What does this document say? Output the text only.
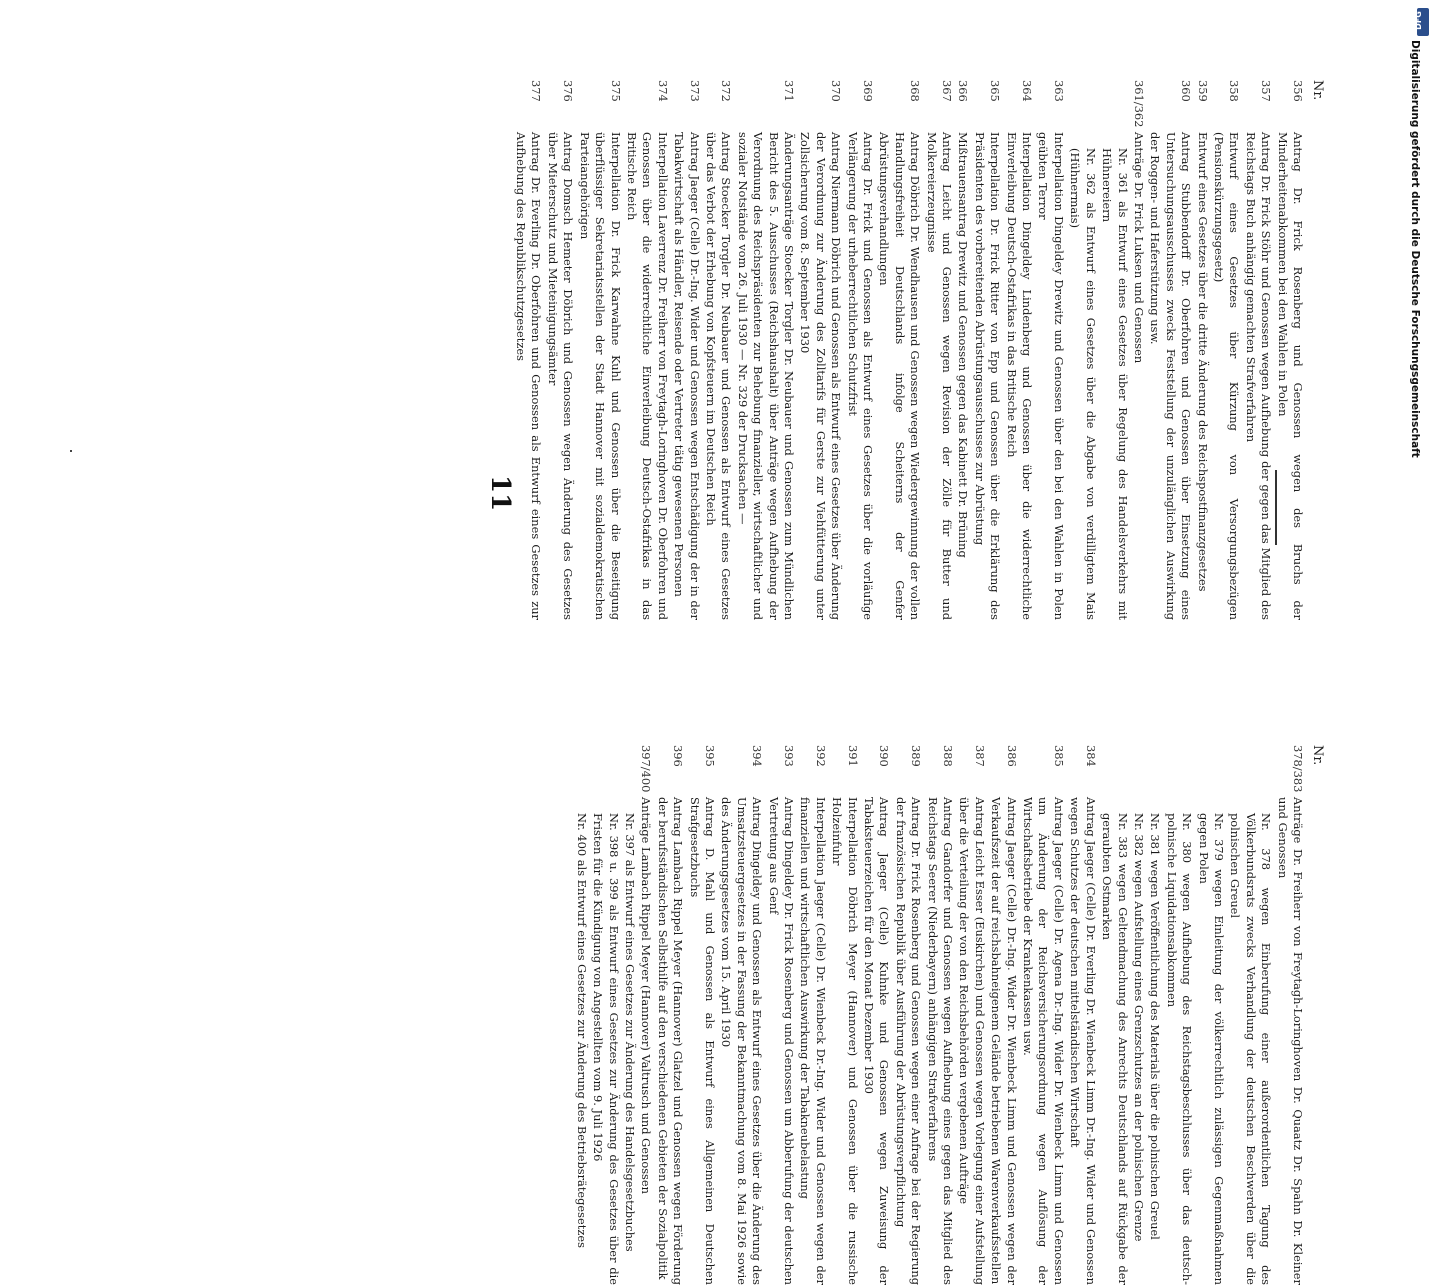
11
Nr.
Nr.
356
Antrag Dr. Frick Rosenberg und Genossen wegen des Bruchs der Minderheitenabkommen bei den Wahlen in Polen
357
Antrag Dr. Frick Stöhr und Genossen wegen Aufhebung der gegen das Mitglied des Reichstags Buch anhängig gemachten Strafverfahren
358
Entwurf eines Gesetzes über Kürzung von Versorgungsbezügen (Pensionskürzungsgesetz)
359
Entwurf eines Gesetzes über die dritte Änderung des Reichspostfinanzgesetzes
360
Antrag Stubbendorff Dr. Oberfohren und Genossen über Einsetzung eines Untersuchungsausschusses zwecks Feststellung der unzulänglichen Auswirkung der Roggen- und Haferstützung usw.
361/362
Anträge Dr. Frick Luksen und Genossen
Nr. 361 als Entwurf eines Gesetzes über Regelung des Handelsverkehrs mit Hühnereiern
Nr. 362 als Entwurf eines Gesetzes über die Abgabe von verdilligtem Mais (Hühnermais)
363
Interpellation Dingeldey Drewitz und Genossen über den bei den Wahlen in Polen geübten Terror
364
Interpellation Dingeldey Lindenberg und Genossen über die widerrechtliche Einverleibung Deutsch-Ostafrikas in das Britische Reich
365
Interpellation Dr. Frick Ritter von Epp und Genossen über die Erklärung des Präsidenten des vorbereitenden Abrüstungsausschusses zur Abrüstung
366
Mißtrauensantrag Drewitz und Genossen gegen das Kabinett Dr. Brüning
367
Antrag Leicht und Genossen wegen Revision der Zölle für Butter und Molkereierzeugnisse
368
Antrag Döbrich Dr. Wendhausen und Genossen wegen Wiedergewinnung der vollen Handlungsfreiheit Deutschlands infolge Scheiterns der Genfer Abrüstungsverhandlungen
369
Antrag Dr. Frick und Genossen als Entwurf eines Gesetzes über die vorläufige Verlängerung der urheberrechtlichen Schutzfrist
370
Antrag Niermann Döbrich und Genossen als Entwurf eines Gesetzes über Änderung der Verordnung zur Änderung des Zolltarifs für Gerste zur Viehfütterung unter Zollsicherung vom 8. September 1930
371
Änderungsanträge Stoecker Torgler Dr. Neubauer und Genossen zum Mündlichen Bericht des 5. Ausschusses (Reichshaushalt) über Anträge wegen Aufhebung der Verordnung des Reichspräsidenten zur Behebung finanzieller, wirtschaftlicher und sozialer Notstände vom 26. Juli 1930 — Nr. 329 der Drucksachen —
372
Antrag Stoecker Torgler Dr. Neubauer und Genossen als Entwurf eines Gesetzes über das Verbot der Erhebung von Kopfsteuern im Deutschen Reich
373
Antrag Jaeger (Celle) Dr.-Ing. Wider und Genossen wegen Entschädigung der in der Tabakwirtschaft als Händler, Reisende oder Vertreter tätig gewesenen Personen
374
Interpellation Laverrenz Dr. Freiherr von Freytagh-Loringhoven Dr. Oberfohren und Genossen über die widerrechtliche Einverleibung Deutsch-Ostafrikas in das Britische Reich
375
Interpellation Dr. Frick Karwahne Kuhl und Genossen über die Beseitigung überflüssiger Sekretariatsstellen der Stadt Hannover mit sozialdemokratischen Parteiangehörigen
376
Antrag Domsch Hemeter Döbrich und Genossen wegen Änderung des Gesetzes über Mieterschutz und Mieteinigungsämter
377
Antrag Dr. Everling Dr. Oberfohren und Genossen als Entwurf eines Gesetzes zur Aufhebung des Republikschutzgesetzes
378/383
Anträge Dr. Freiherr von Freytagh-Loringhoven Dr. Quaatz Dr. Spahn Dr. Kleiner und Genossen
Nr. 378 wegen Einberufung einer außerordentlichen Tagung des Völkerbundsrats zwecks Verhandlung der deutschen Beschwerden über die polnischen Greuel
Nr. 379 wegen Einleitung der völkerrechtlich zulässigen Gegenmaßnahmen gegen Polen
Nr. 380 wegen Aufhebung des Reichstagsbeschlusses über das deutsch-polnische Liquidationsabkommen
Nr. 381 wegen Veröffentlichung des Materials über die polnischen Greuel
Nr. 382 wegen Aufstellung eines Grenzschutzes an der polnischen Grenze
Nr. 383 wegen Geltendmachung des Anrechts Deutschlands auf Rückgabe der geraubten Ostmarken
384
Antrag Jaeger (Celle) Dr. Everling Dr. Wienbeck Limm Dr.-Ing. Wider und Genossen wegen Schutzes der deutschen mittelständischen Wirtschaft
385
Antrag Jaeger (Celle) Dr. Agena Dr.-Ing. Wider Dr. Wienbeck Limm und Genossen um Änderung der Reichsversicherungsordnung wegen Auflösung der Wirtschaftsbetriebe der Krankenkassen usw.
386
Antrag Jaeger (Celle) Dr.-Ing. Wider Dr. Wienbeck Limm und Genossen wegen der Verkaufszeit der auf reichsbahneigenem Gelände betriebenen Warenverkaufsstellen
387
Antrag Leicht Esser (Euskirchen) und Genossen wegen Vorlegung einer Aufstellung über die Verteilung der von den Reichsbehörden vergebenen Aufträge
388
Antrag Gandorfer und Genossen wegen Aufhebung eines gegen das Mitglied des Reichstags Seerer (Niederbayern) anhängigen Strafverfahrens
389
Antrag Dr. Frick Rosenberg und Genossen wegen einer Anfrage bei der Regierung der französischen Republik über Ausführung der Abrüstungsverpflichtung
390
Antrag Jaeger (Celle) Kuhnke und Genossen wegen Zuweisung der Tabaksteuerzeichen für den Monat Dezember 1930
391
Interpellation Döbrich Meyer (Hannover) und Genossen über die russische Holzeinfuhr
392
Interpellation Jaeger (Celle) Dr. Wienbeck Dr.-Ing. Wider und Genossen wegen der finanziellen und wirtschaftlichen Auswirkung der Tabakneubelastung
393
Antrag Dingeldey Dr. Frick Rosenberg und Genossen um Abberufung der deutschen Vertretung aus Genf
394
Antrag Dingeldey und Genossen als Entwurf eines Gesetzes über die Änderung des Umsatzsteuergesetzes in der Fassung der Bekanntmachung vom 8. Mai 1926 sowie des Änderungsgesetzes vom 15. April 1930
395
Antrag D. Mahl und Genossen als Entwurf eines Allgemeinen Deutschen Strafgesetzbuchs
396
Antrag Lambach Rippel Meyer (Hannover) Glatzel und Genossen wegen Förderung der berufsständischen Selbsthilfe auf den verschiedenen Gebieten der Sozialpolitik
397/400
Anträge Lambach Rippel Meyer (Hannover) Valtrusch und Genossen
Nr. 397 als Entwurf eines Gesetzes zur Änderung des Handelsgesetzbuches
Nr. 398 u. 399 als Entwurf eines Gesetzes zur Änderung des Gesetzes über die Fristen für die Kündigung von Angestellten vom 9. Juli 1926
Nr. 400 als Entwurf eines Gesetzes zur Änderung des Betriebsrätegesetzes
DFG
Digitalisierung gefördert durch die Deutsche Forschungsgemeinschaft
